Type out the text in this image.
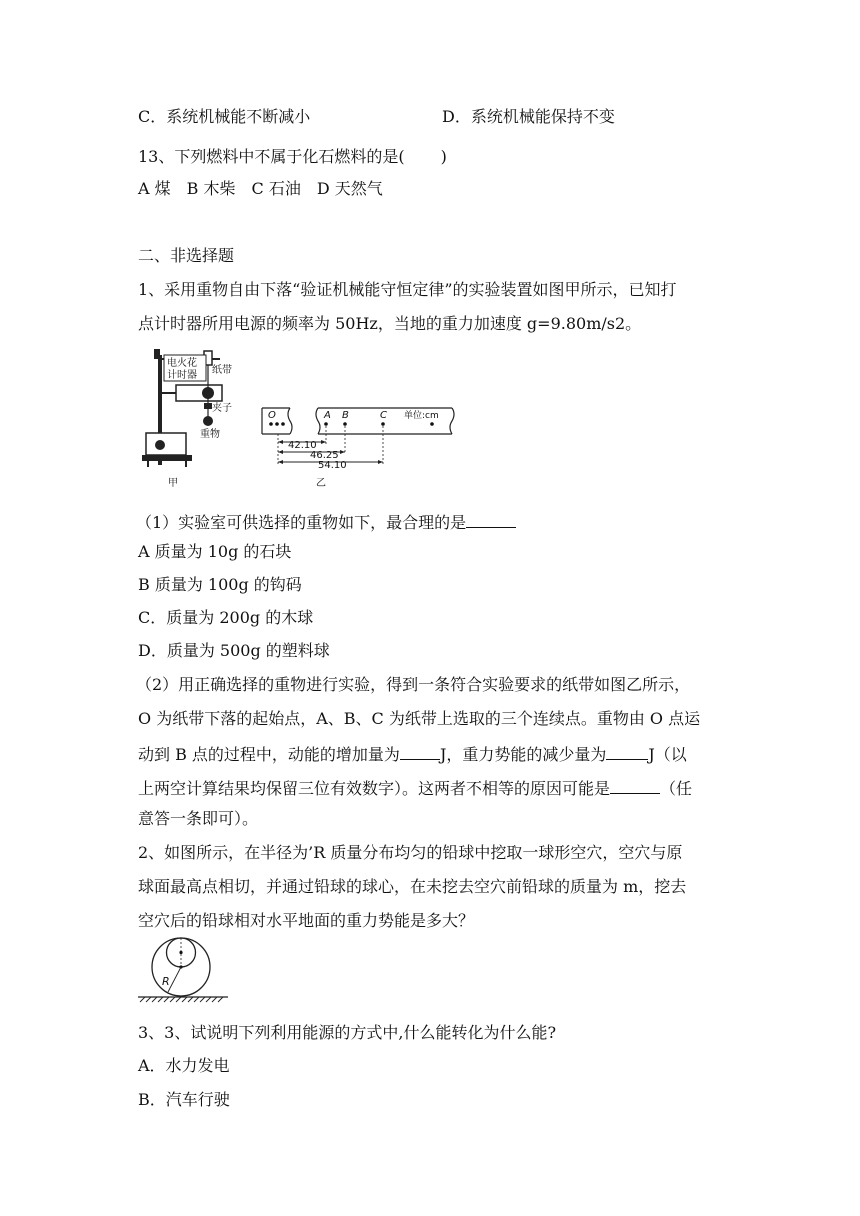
C．系统机械能不断减小	D．系统机械能保持不变
13、下列燃料中不属于化石燃料的是( )
A 煤 B 木柴 C 石油 D 天然气
二、非选择题
1、采用重物自由下落“验证机械能守恒定律”的实验装置如图甲所示，已知打
点计时器所用电源的频率为 50Hz，当地的重力加速度 g=9.80m/s2。
电火花
计时器 纸带
夹子
重物
甲
O	A B	C 单位:cm
42.10
46.25
54.10
乙
（1）实验室可供选择的重物如下，最合理的是
A 质量为 10g 的石块
B 质量为 100g 的钩码
C．质量为 200g 的木球
D．质量为 500g 的塑料球
（2）用正确选择的重物进行实验，得到一条符合实验要求的纸带如图乙所示，
O 为纸带下落的起始点，A、B、C 为纸带上选取的三个连续点。重物由 O 点运
动到 B 点的过程中，动能的增加量为	J，重力势能的减少量为	J（以
上两空计算结果均保留三位有效数字）。这两者不相等的原因可能是	（任
意答一条即可）。
2、如图所示，在半径为’R 质量分布均匀的铅球中挖取一球形空穴，空穴与原
球面最高点相切，并通过铅球的球心，在未挖去空穴前铅球的质量为 m，挖去
空穴后的铅球相对水平地面的重力势能是多大？
R
3、3、试说明下列利用能源的方式中,什么能转化为什么能?
A．水力发电
B．汽车行驶
